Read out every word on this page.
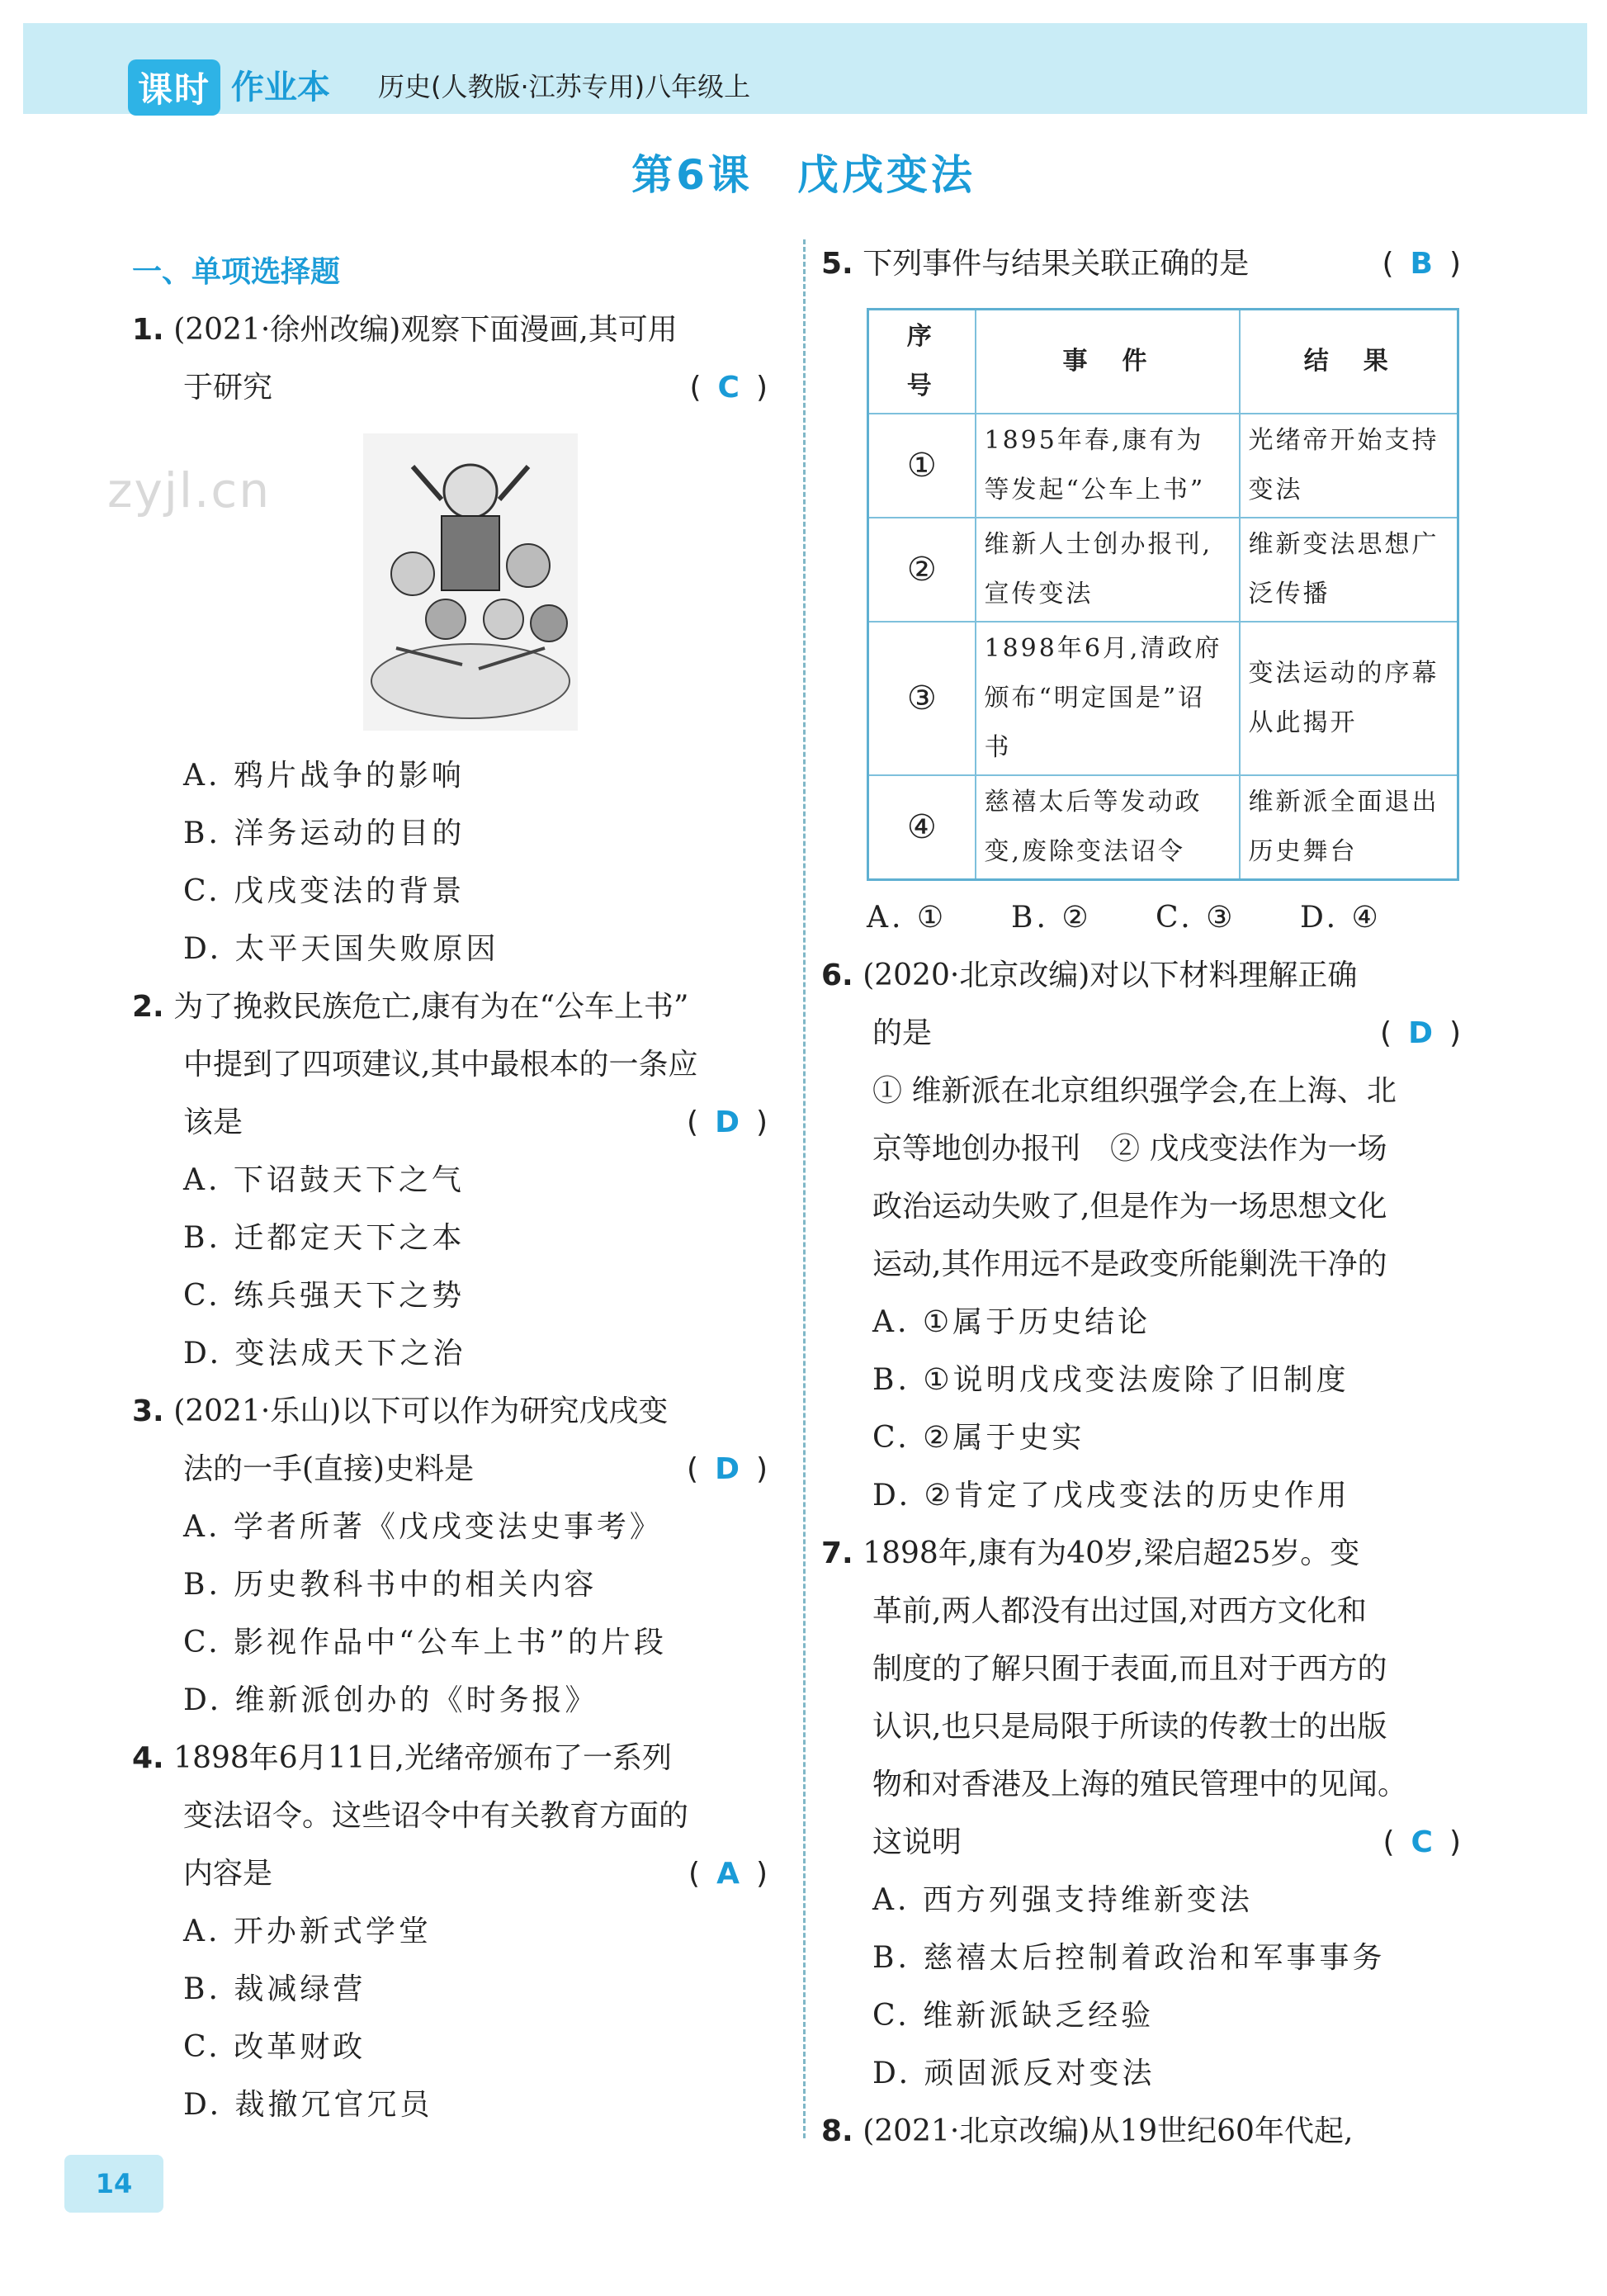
课时 作业本 历史(人教版·江苏专用)八年级上
第6课　戊戌变法
一、单项选择题
1. (2021·徐州改编)观察下面漫画,其可用
于研究	( C )
A. 鸦片战争的影响
B. 洋务运动的目的
C. 戊戌变法的背景
D. 太平天国失败原因
2. 为了挽救民族危亡,康有为在“公车上书”
中提到了四项建议,其中最根本的一条应
该是	( D )
A. 下诏鼓天下之气
B. 迁都定天下之本
C. 练兵强天下之势
D. 变法成天下之治
3. (2021·乐山)以下可以作为研究戊戌变
法的一手(直接)史料是	( D )
A. 学者所著《戊戌变法史事考》
B. 历史教科书中的相关内容
C. 影视作品中“公车上书”的片段
D. 维新派创办的《时务报》
4. 1898年6月11日,光绪帝颁布了一系列
变法诏令。这些诏令中有关教育方面的
内容是	( A )
A. 开办新式学堂
B. 裁减绿营
C. 改革财政
D. 裁撤冗官冗员
zyjl.cn
5. 下列事件与结果关联正确的是	( B )
序　号	事　件	结　果
①	1895年春,康有为等发起“公车上书”	光绪帝开始支持变法
②	维新人士创办报刊,宣传变法	维新变法思想广泛传播
③	1898年6月,清政府颁布“明定国是”诏书	变法运动的序幕从此揭开
④	慈禧太后等发动政变,废除变法诏令	维新派全面退出历史舞台
A. ① B. ② C. ③ D. ④
6. (2020·北京改编)对以下材料理解正确
的是	( D )
① 维新派在北京组织强学会,在上海、北
京等地创办报刊　② 戊戌变法作为一场
政治运动失败了,但是作为一场思想文化
运动,其作用远不是政变所能剿洗干净的
A. ①属于历史结论
B. ①说明戊戌变法废除了旧制度
C. ②属于史实
D. ②肯定了戊戌变法的历史作用
7. 1898年,康有为40岁,梁启超25岁。变
革前,两人都没有出过国,对西方文化和
制度的了解只囿于表面,而且对于西方的
认识,也只是局限于所读的传教士的出版
物和对香港及上海的殖民管理中的见闻。
这说明	( C )
A. 西方列强支持维新变法
B. 慈禧太后控制着政治和军事事务
C. 维新派缺乏经验
D. 顽固派反对变法
8. (2021·北京改编)从19世纪60年代起,
14
